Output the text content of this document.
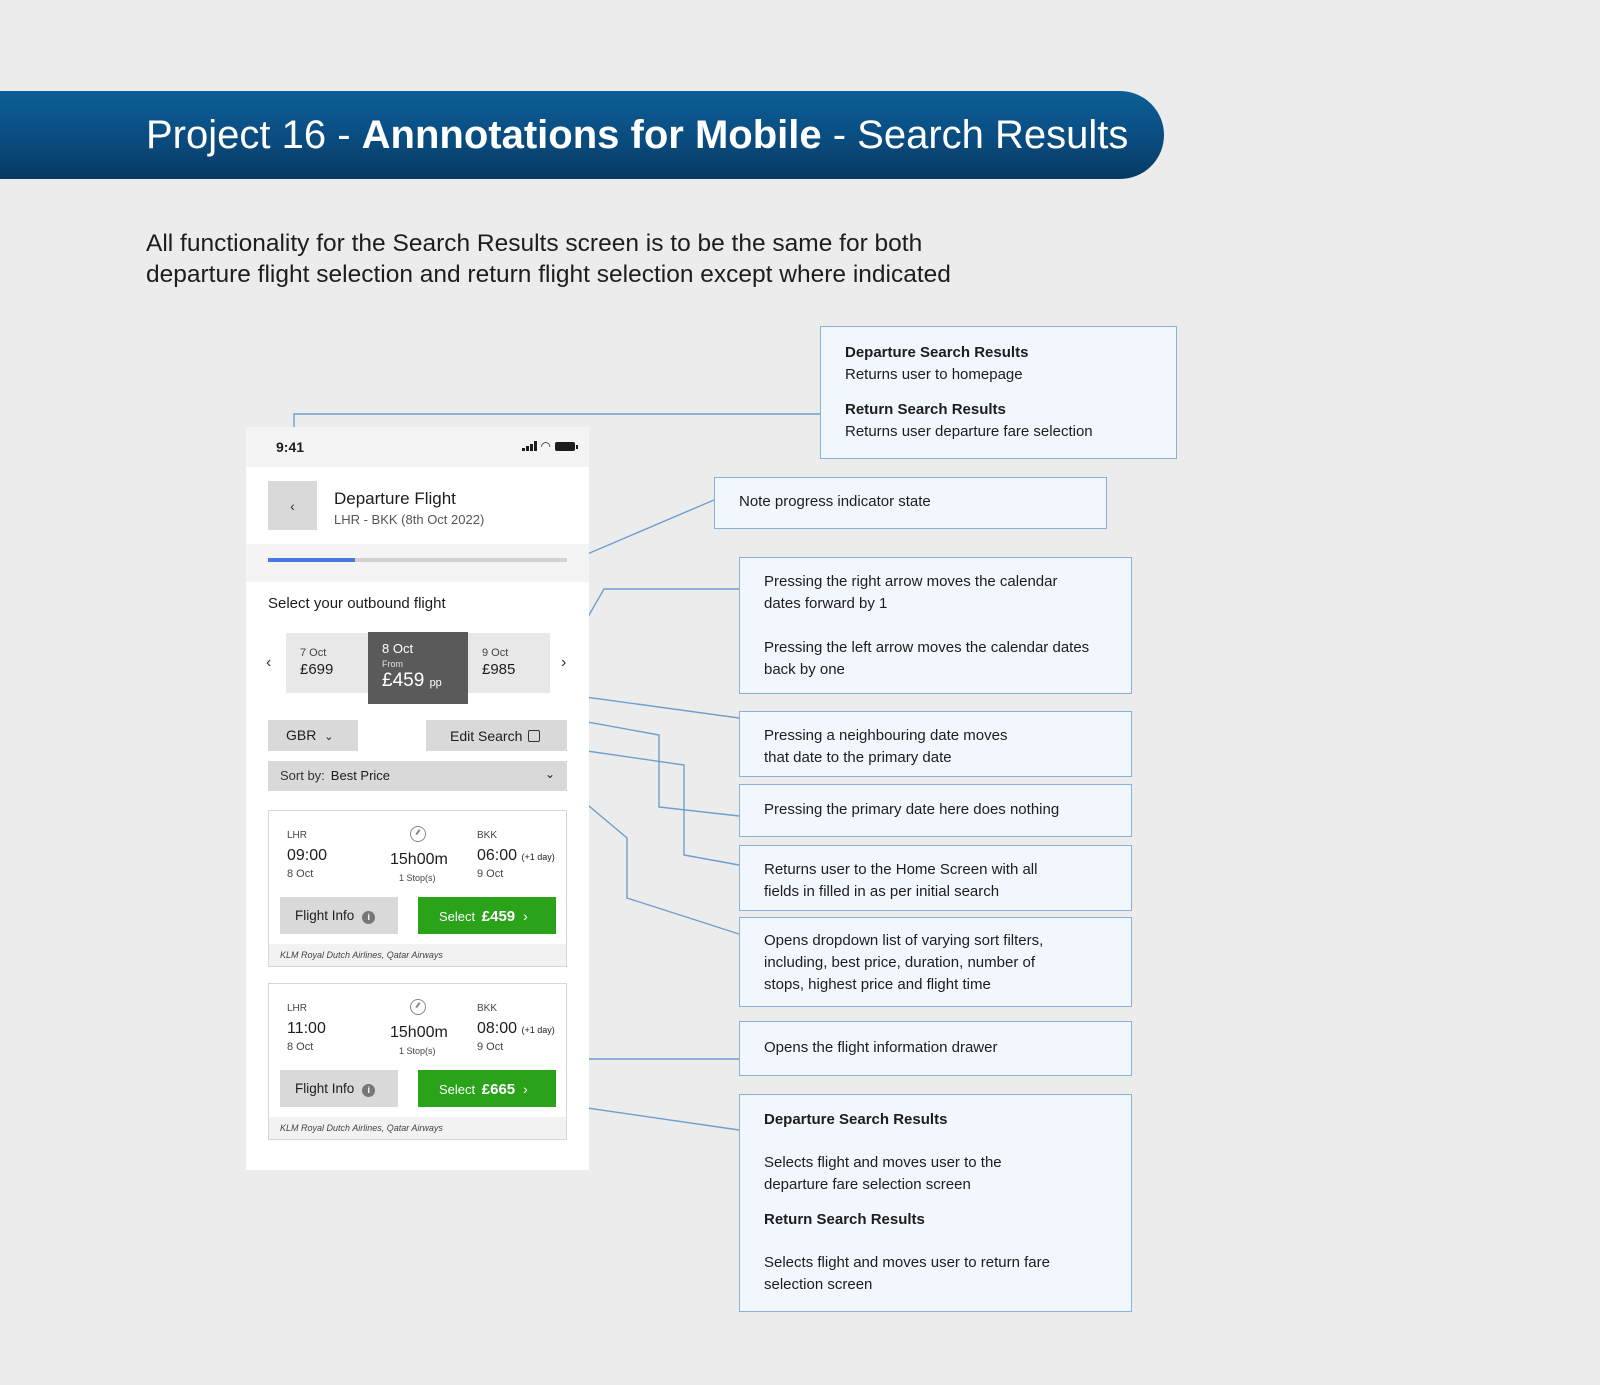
Project 16 - Annnotations for Mobile - Search Results
All functionality for the Search Results screen is to be the same for both
departure flight selection and return flight selection except where indicated
9:41	◠
‹	Departure Flight
LHR - BKK (8th Oct 2022)
Select your outbound flight
‹
7 Oct
£699
8 Oct
From
£459 pp
9 Oct
£985	›
GBR ⌄	Edit Search
Sort by: Best Price	⌄
LHR
09:00
8 Oct
15h00m
1 Stop(s)
BKK
06:00 (+1 day)
9 Oct
Flight Info i	Select £459 ›
KLM Royal Dutch Airlines, Qatar Airways
LHR
11:00
8 Oct
15h00m
1 Stop(s)
BKK
08:00 (+1 day)
9 Oct
Flight Info i	Select £665 ›
KLM Royal Dutch Airlines, Qatar Airways

Departure Search Results

Returns user to homepage

Return Search Results

Returns user departure fare selection

Note progress indicator state

Pressing the right arrow moves the calendar

dates forward by 1

Pressing the left arrow moves the calendar dates

back by one

Pressing a neighbouring date moves

that date to the primary date

Pressing the primary date here does nothing

Returns user to the Home Screen with all

fields in filled in as per initial search

Opens dropdown list of varying sort filters,

including, best price, duration, number of

stops, highest price and flight time

Opens the flight information drawer

Departure Search Results

Selects flight and moves user to the

departure fare selection screen

Return Search Results

Selects flight and moves user to return fare

selection screen
